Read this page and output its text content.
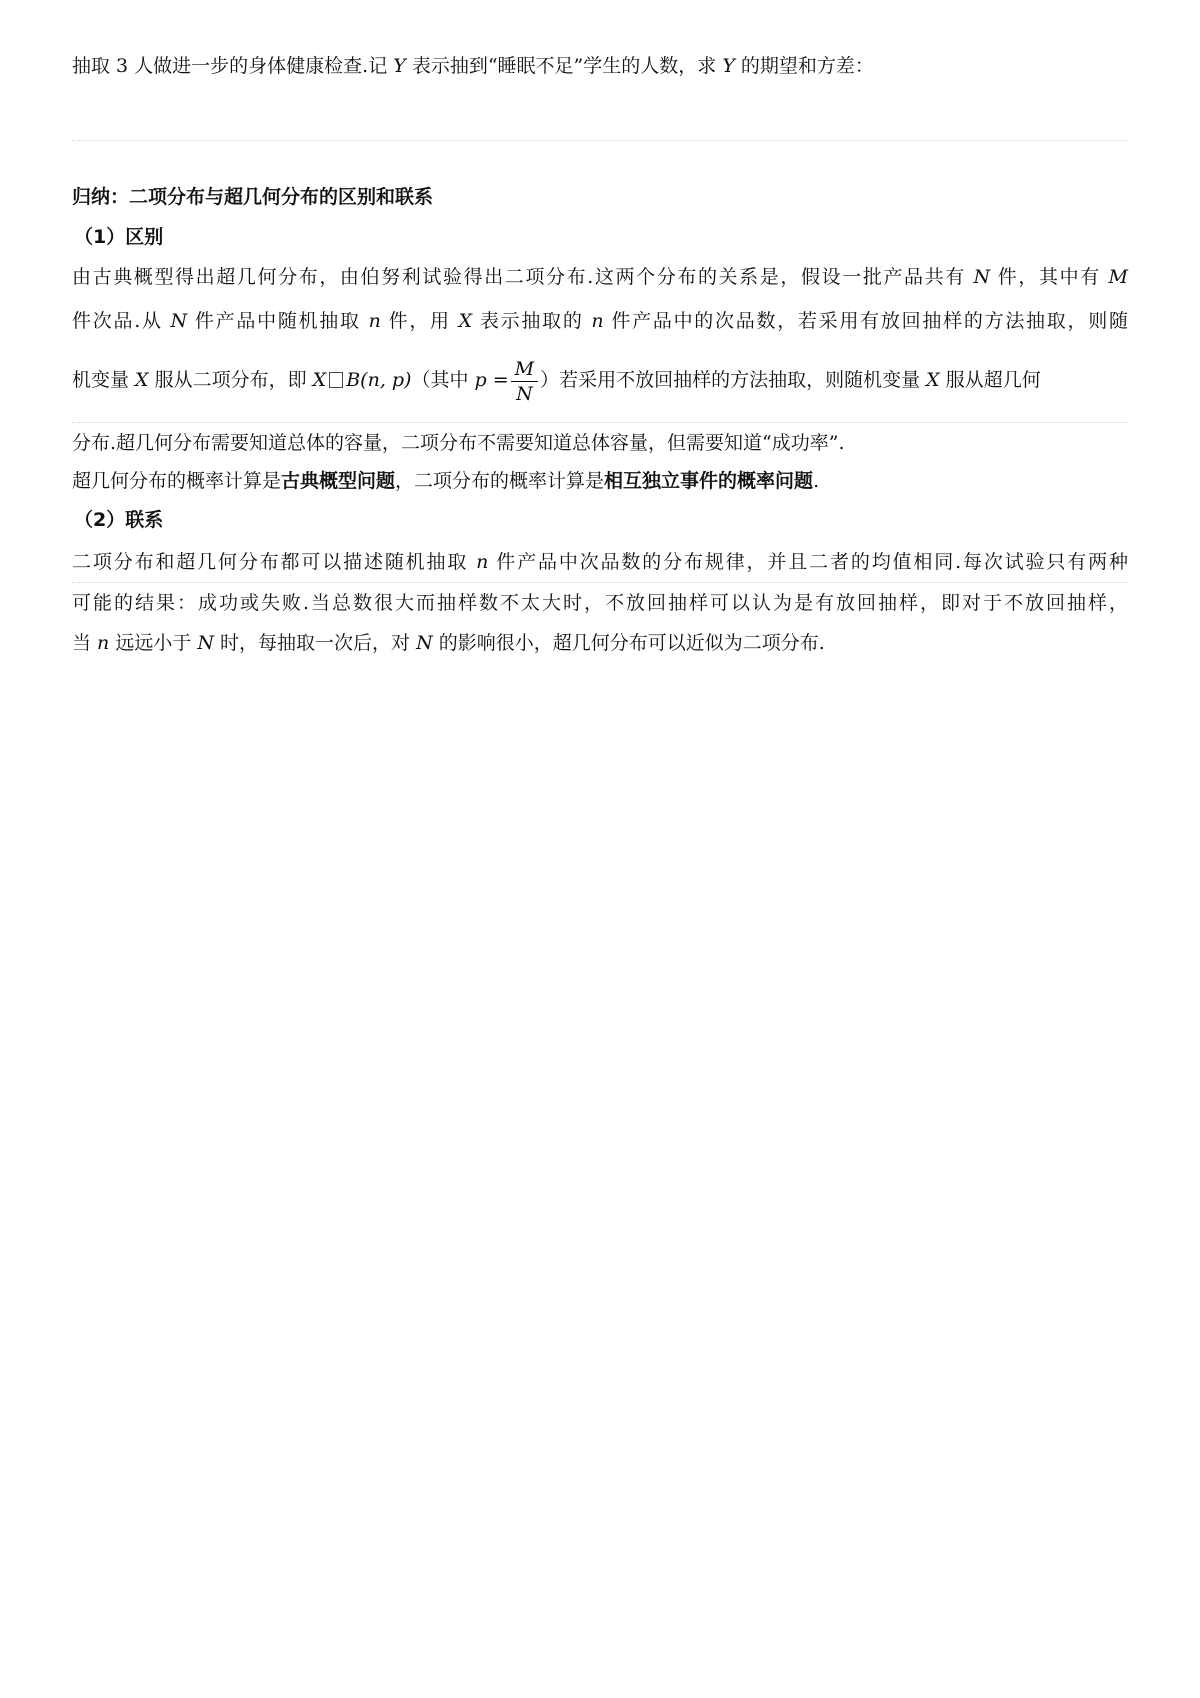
抽取 3 人做进一步的身体健康检查.记 Y 表示抽到“睡眠不足”学生的人数，求 Y 的期望和方差：
归纳：二项分布与超几何分布的区别和联系
（1）区别
由古典概型得出超几何分布，由伯努利试验得出二项分布.这两个分布的关系是，假设一批产品共有 N 件，其中有 M
件次品.从 N 件产品中随机抽取 n 件，用 X 表示抽取的 n 件产品中的次品数，若采用有放回抽样的方法抽取，则随
机变量 X 服从二项分布，即 X B(n, p)（其中 $p = \frac{M}{N}$ ）若采用不放回抽样的方法抽取，则随机变量 X 服从超几何
分布.超几何分布需要知道总体的容量，二项分布不需要知道总体容量，但需要知道“成功率”.
超几何分布的概率计算是古典概型问题，二项分布的概率计算是相互独立事件的概率问题.
（2）联系
二项分布和超几何分布都可以描述随机抽取 n 件产品中次品数的分布规律，并且二者的均值相同.每次试验只有两种
可能的结果：成功或失败.当总数很大而抽样数不太大时，不放回抽样可以认为是有放回抽样，即对于不放回抽样，
当 n 远远小于 N 时，每抽取一次后，对 N 的影响很小，超几何分布可以近似为二项分布.
